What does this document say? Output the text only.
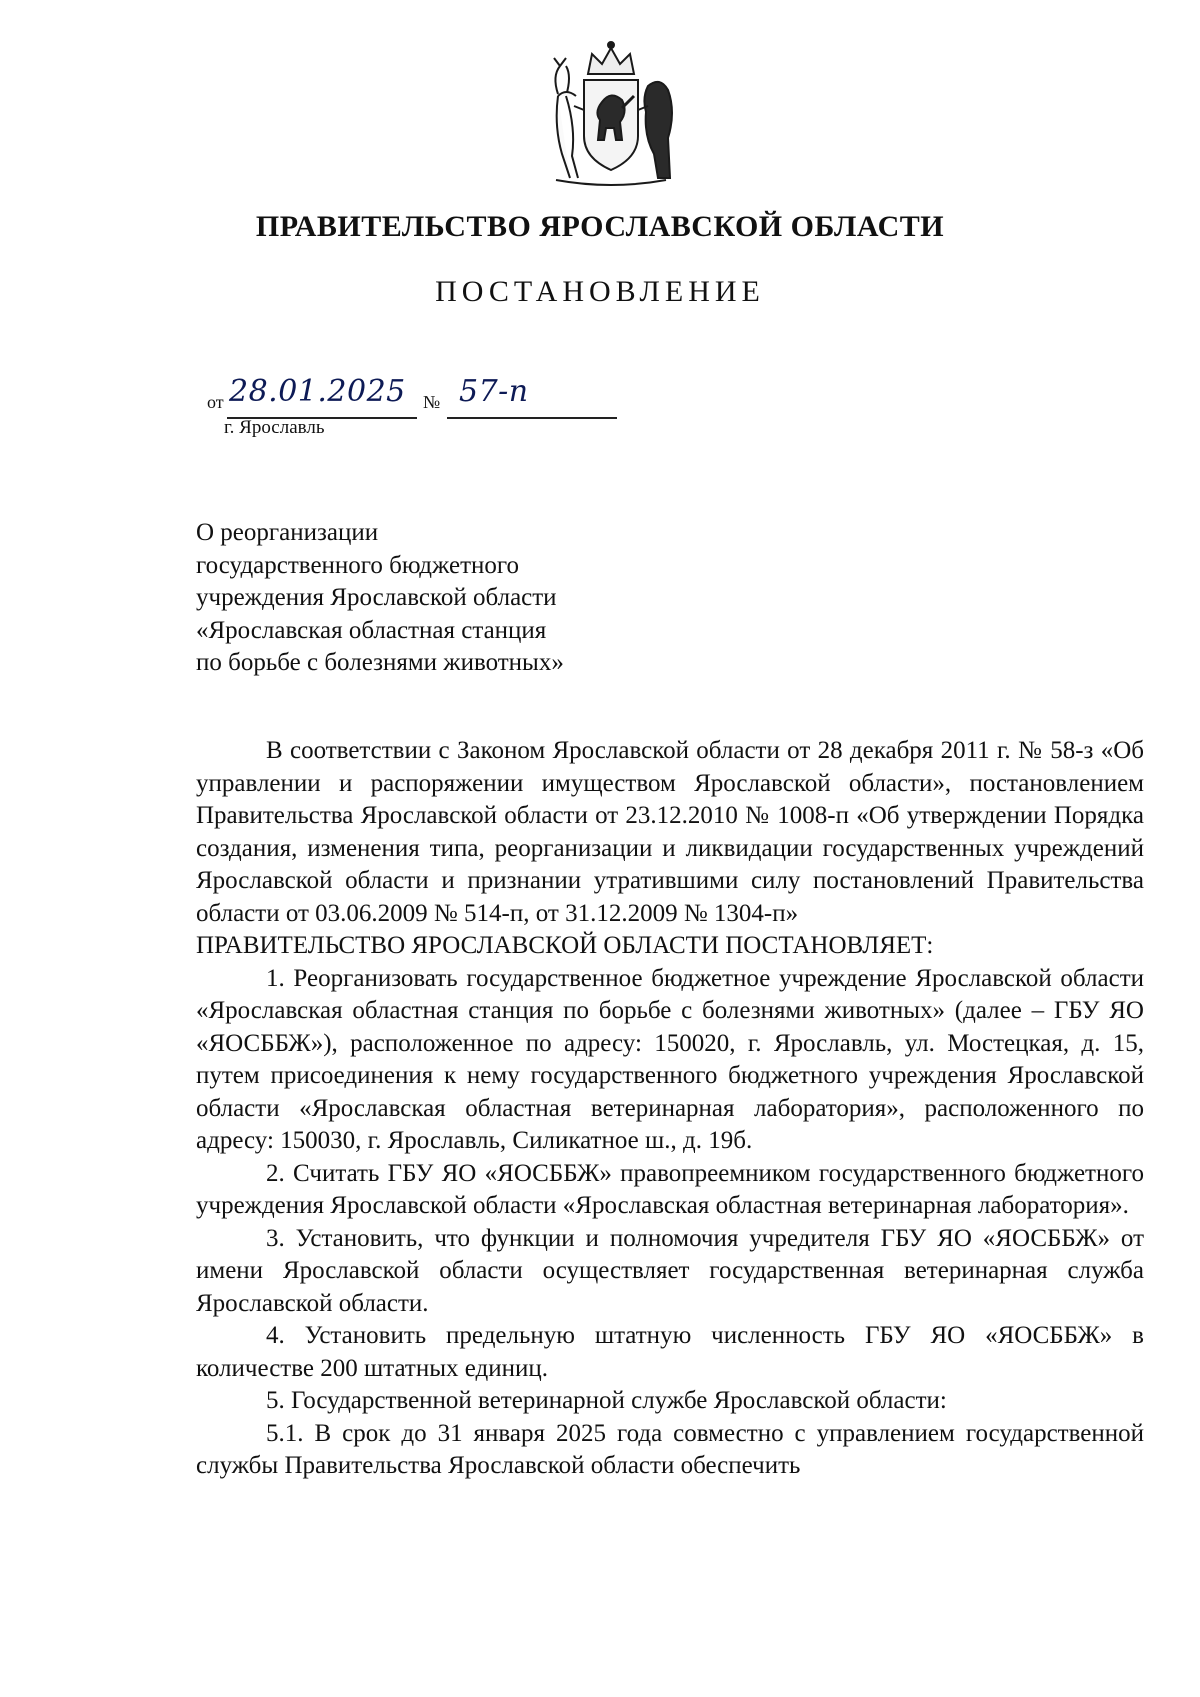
ПРАВИТЕЛЬСТВО ЯРОСЛАВСКОЙ ОБЛАСТИ
ПОСТАНОВЛЕНИЕ
от 28.01.2025 № 57-п
г. Ярославль
О реорганизации
государственного бюджетного
учреждения Ярославской области
«Ярославская областная станция
по борьбе с болезнями животных»

В соответствии с Законом Ярославской области от 28 декабря 2011 г. № 58-з «Об управлении и распоряжении имуществом Ярославской области», постановлением Правительства Ярославской области от 23.12.2010 № 1008-п «Об утверждении Порядка создания, изменения типа, реорганизации и ликвидации государственных учреждений Ярославской области и признании утратившими силу постановлений Правительства области от 03.06.2009 № 514-п, от 31.12.2009 № 1304-п»

ПРАВИТЕЛЬСТВО ЯРОСЛАВСКОЙ ОБЛАСТИ ПОСТАНОВЛЯЕТ:

1. Реорганизовать государственное бюджетное учреждение Ярославской области «Ярославская областная станция по борьбе с болезнями животных» (далее – ГБУ ЯО «ЯОСББЖ»), расположенное по адресу: 150020, г. Ярославль, ул. Мостецкая, д. 15, путем присоединения к нему государственного бюджетного учреждения Ярославской области «Ярославская областная ветеринарная лаборатория», расположенного по адресу: 150030, г. Ярославль, Силикатное ш., д. 19б.

2. Считать ГБУ ЯО «ЯОСББЖ» правопреемником государственного бюджетного учреждения Ярославской области «Ярославская областная ветеринарная лаборатория».

3. Установить, что функции и полномочия учредителя ГБУ ЯО «ЯОСББЖ» от имени Ярославской области осуществляет государственная ветеринарная служба Ярославской области.

4. Установить предельную штатную численность ГБУ ЯО «ЯОСББЖ» в количестве 200 штатных единиц.

5. Государственной ветеринарной службе Ярославской области:

5.1. В срок до 31 января 2025 года совместно с управлением государственной службы Правительства Ярославской области обеспечить
